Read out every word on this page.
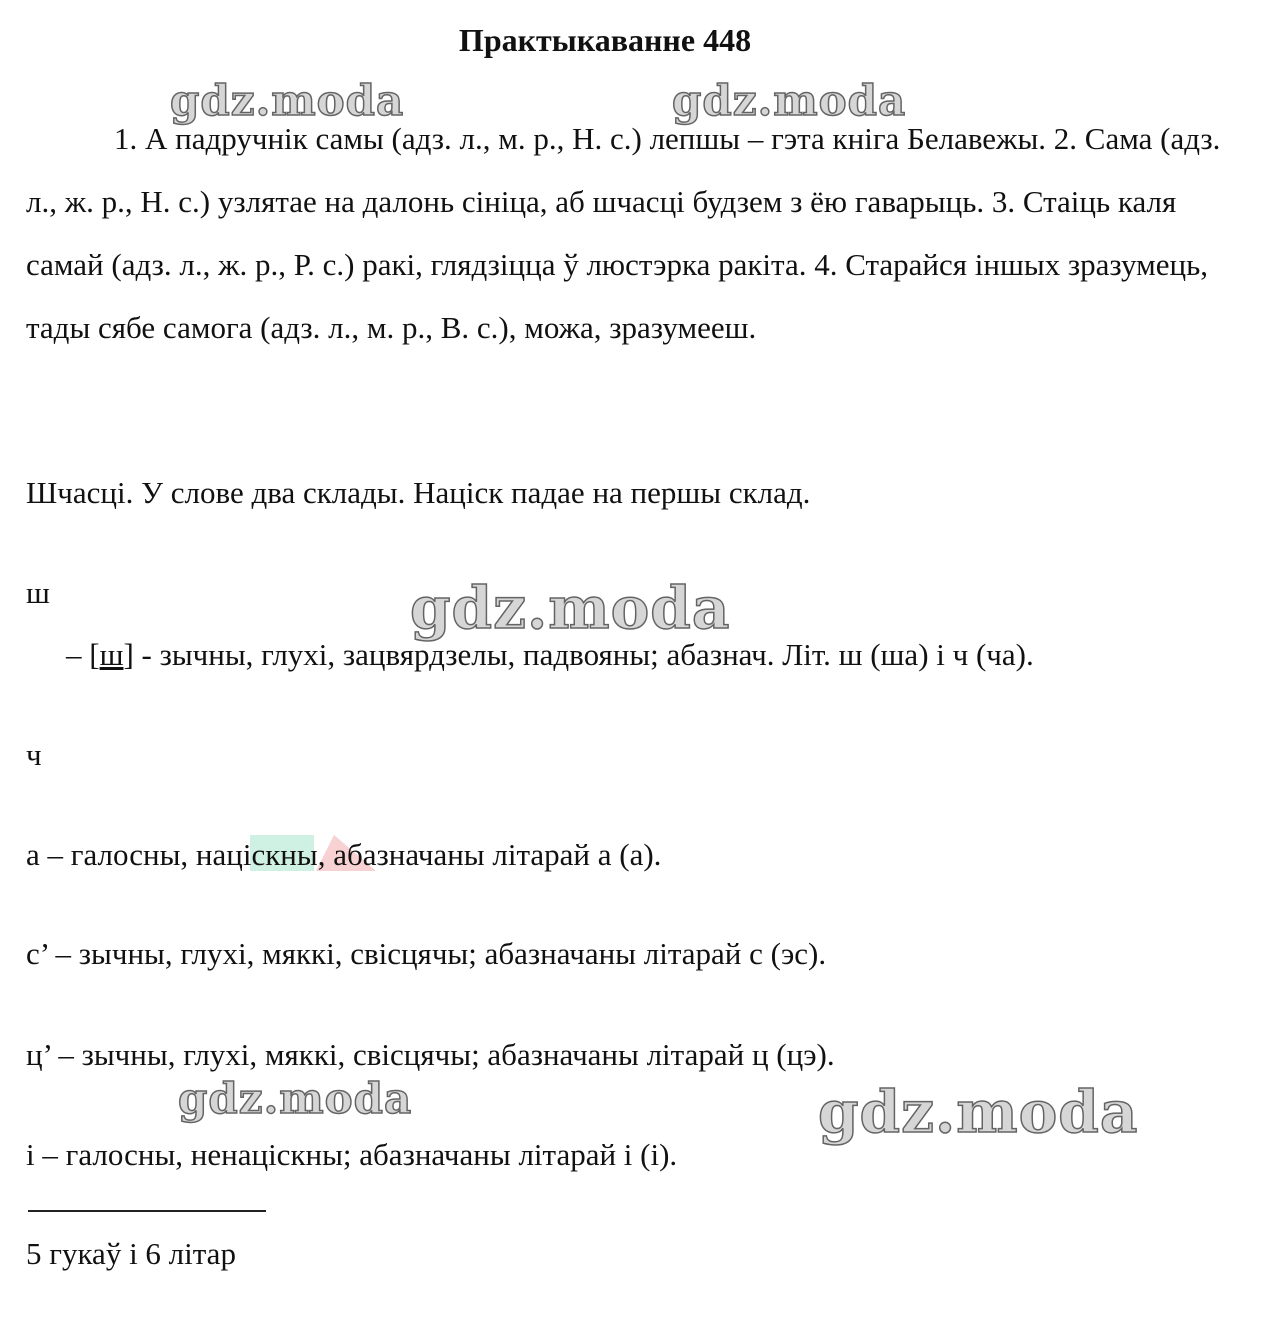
Практыкаванне 448
1. А падручнік самы (адз. л., м. р., Н. с.) лепшы – гэта кніга Белавежы. 2. Сама (адз. л., ж. р., Н. с.) узлятае на далонь сініца, аб шчасці будзем з ёю гаварыць. 3. Стаіць каля самай (адз. л., ж. р., Р. с.) ракі, глядзіцца ў люстэрка ракіта. 4. Старайся іншых зразумець, тады сябе самога (адз. л., м. р., В. с.), можа, зразумееш.
Шчасці. У слове два склады. Націск падае на першы склад.
ш
– [ш] - зычны, глухі, зацвярдзелы, падвояны; абазнач. Літ. ш (ша) і ч (ча).
ч
а – галосны, націскны, абазначаны літарай а (а).
с’ – зычны, глухі, мяккі, свісцячы; абазначаны літарай с (эс).
ц’ – зычны, глухі, мяккі, свісцячы; абазначаны літарай ц (цэ).
і – галосны, ненаціскны; абазначаны літарай і (і).
5 гукаў і 6 літар
gdz.moda	gdz.moda
gdz.moda
gdz.moda	gdz.moda
